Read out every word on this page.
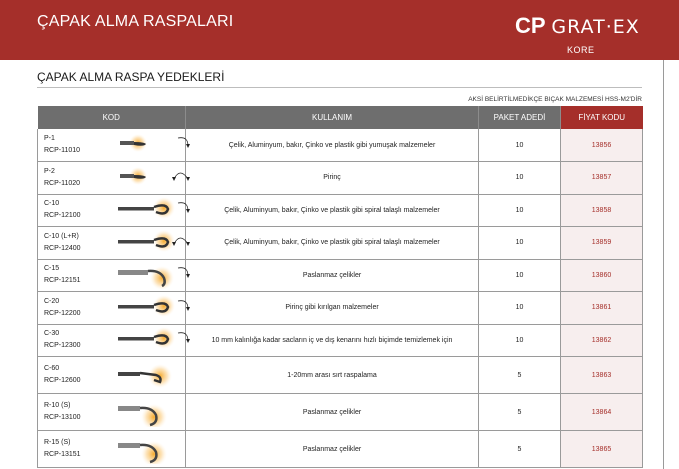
ÇAPAK ALMA RASPALARI	CP GRAT·EX
KORE
ÇAPAK ALMA RASPA YEDEKLERİ
AKSİ BELİRTİLMEDİKÇE BIÇAK MALZEMESİ HSS-M2'DİR
KOD		KULLANIM	PAKET ADEDİ	FİYAT KODU

P-1
RCP-11010		Çelik, Aluminyum, bakır, Çinko ve plastik gibi yumuşak malzemeler	10	13856

P-2
RCP-11020		Pirinç	10	13857

C-10
RCP-12100		Çelik, Aluminyum, bakır, Çinko ve plastik gibi spiral talaşlı malzemeler	10	13858

C-10 (L+R)
RCP-12400		Çelik, Aluminyum, bakır, Çinko ve plastik gibi spiral talaşlı malzemeler	10	13859

C-15
RCP-12151		Paslanmaz çelikler	10	13860

C-20
RCP-12200		Pirinç gibi kırılgan malzemeler	10	13861

C-30
RCP-12300		10 mm kalınlığa kadar sacların iç ve dış kenarını hızlı biçimde temizlemek için	10	13862

C-60
RCP-12600		1-20mm arası sırt raspalama	5	13863

R-10 (S)
RCP-13100		Paslanmaz çelikler	5	13864

R-15 (S)
RCP-13151		Paslanmaz çelikler	5	13865
